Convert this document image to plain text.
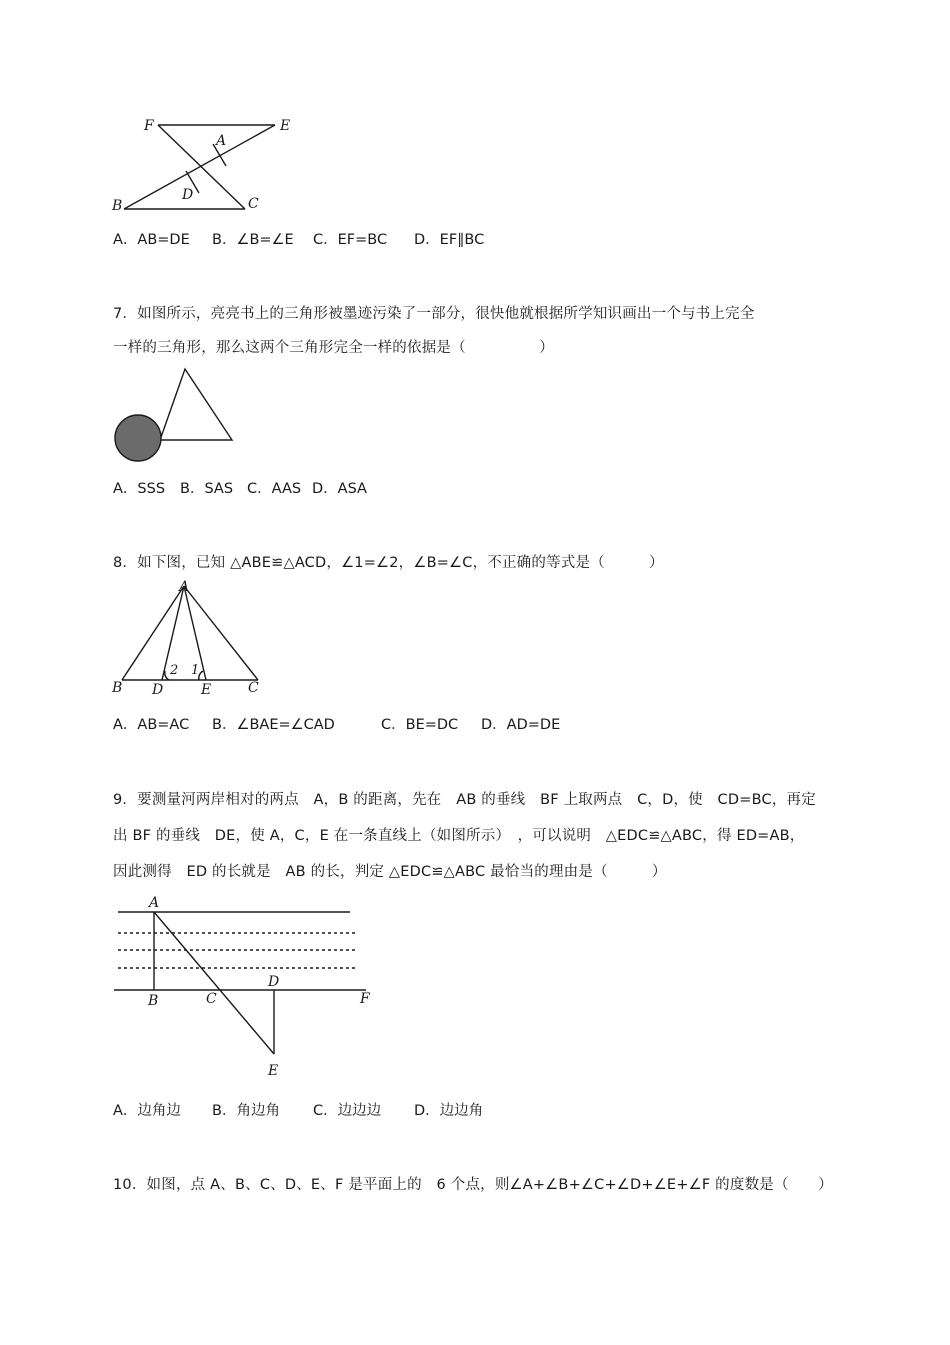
F	E
A
D
B	C
A．AB=DE B．∠B=∠E C．EF=BC D．EF∥BC
7．如图所示，亮亮书上的三角形被墨迹污染了一部分，很快他就根据所学知识画出一个与书上完全
一样的三角形，那么这两个三角形完全一样的依据是（　　　　　）
A．SSS B．SAS C．AAS D．ASA
8．如下图，已知 △ABE≌△ACD，∠1=∠2，∠B=∠C，不正确的等式是（　　　）
A
B D	E	C
2 1
A．AB=AC B．∠BAE=∠CAD	C．BE=DC D．AD=DE
9．要测量河两岸相对的两点　A，B 的距离，先在　AB 的垂线　BF 上取两点　C，D，使　CD=BC，再定
出 BF 的垂线　DE，使 A，C，E 在一条直线上（如图所示）　，可以说明　△EDC≌△ABC，得 ED=AB，
因此测得　ED 的长就是　AB 的长，判定 △EDC≌△ABC 最恰当的理由是（　　　）
A
B	C
D
F
E
A．边角边 B．角边角 C．边边边 D．边边角
10．如图，点 A、B、C、D、E、F 是平面上的　6 个点，则∠A+∠B+∠C+∠D+∠E+∠F 的度数是（　　）
